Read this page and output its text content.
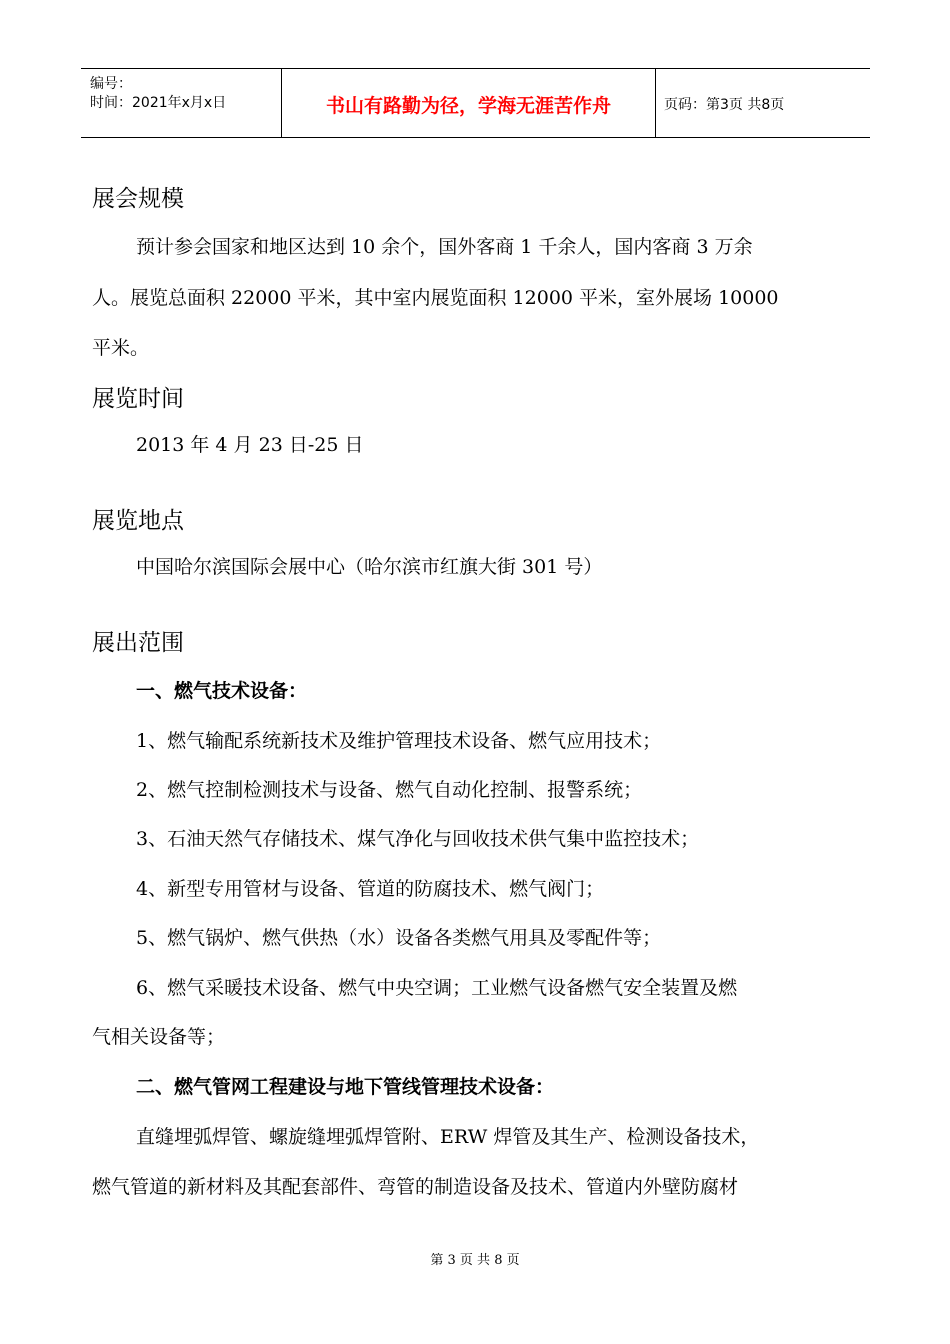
编号：
时间：2021年x月x日	书山有路勤为径，学海无涯苦作舟	页码：第3页 共8页
展会规模
预计参会国家和地区达到 10 余个，国外客商 1 千余人，国内客商 3 万余
人。展览总面积 22000 平米，其中室内展览面积 12000 平米，室外展场 10000
平米。
展览时间
2013 年 4 月 23 日-25 日
展览地点
中国哈尔滨国际会展中心（哈尔滨市红旗大街 301 号）
展出范围
一、燃气技术设备：
1、燃气输配系统新技术及维护管理技术设备、燃气应用技术；
2、燃气控制检测技术与设备、燃气自动化控制、报警系统；
3、石油天然气存储技术、煤气净化与回收技术供气集中监控技术；
4、新型专用管材与设备、管道的防腐技术、燃气阀门；
5、燃气锅炉、燃气供热（水）设备各类燃气用具及零配件等；
6、燃气采暖技术设备、燃气中央空调；工业燃气设备燃气安全装置及燃
气相关设备等；
二、燃气管网工程建设与地下管线管理技术设备：
直缝埋弧焊管、螺旋缝埋弧焊管附、ERW 焊管及其生产、检测设备技术，
燃气管道的新材料及其配套部件、弯管的制造设备及技术、管道内外壁防腐材
第 3 页 共 8 页
